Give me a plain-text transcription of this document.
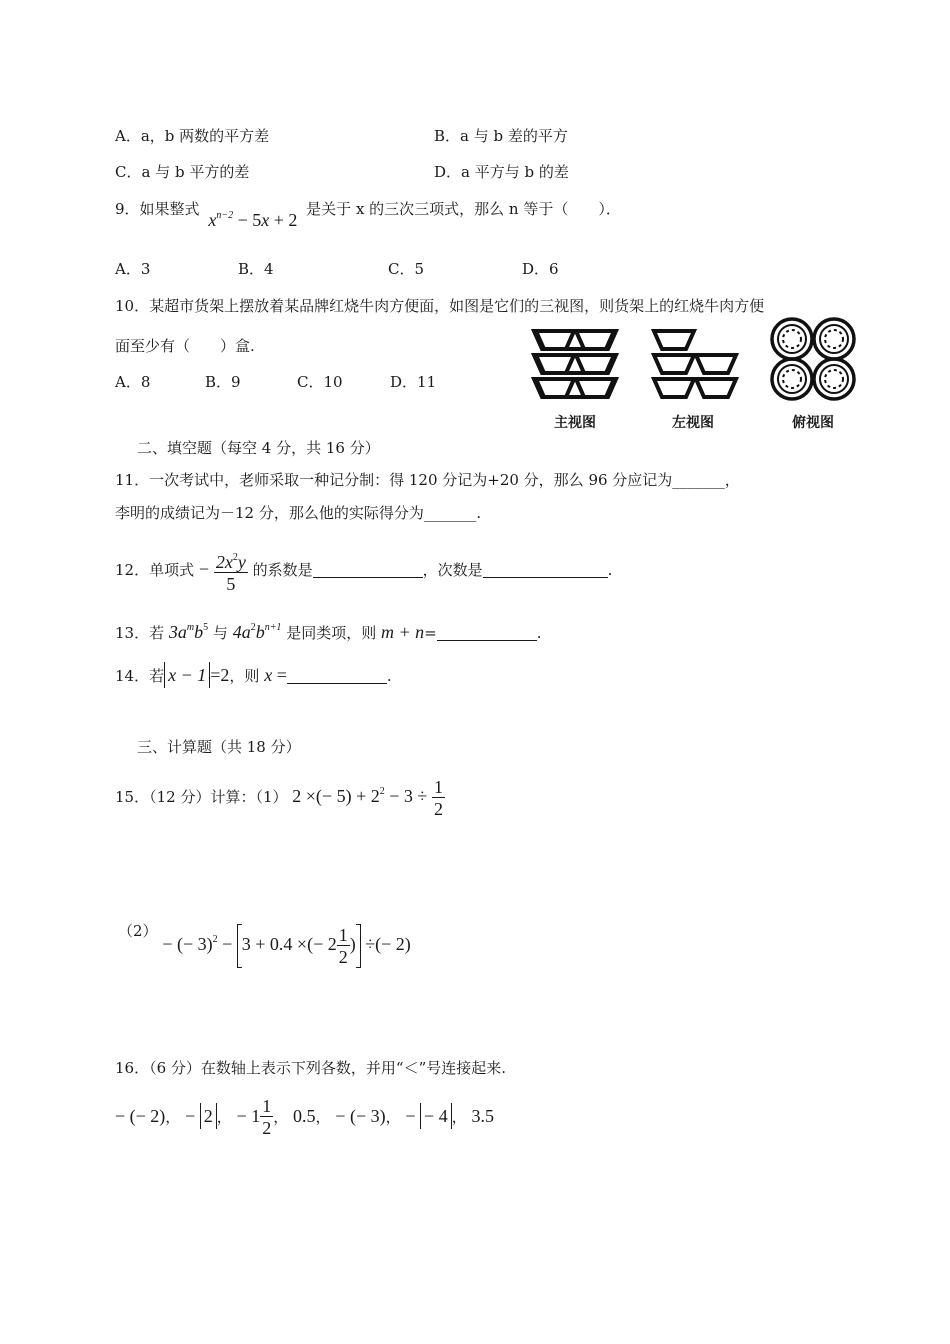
A．a，b 两数的平方差	B．a 与 b 差的平方
C．a 与 b 平方的差	D．a 平方与 b 的差
9．如果整式 $x^{n-2} - 5x + 2$ 是关于 x 的三次三项式，那么 n 等于（　　）．
A．3	B．4	C．5	D．6
10．某超市货架上摆放着某品牌红烧牛肉方便面，如图是它们的三视图，则货架上的红烧牛肉方便
面至少有（　　）盒.
A．8	B．9	C．10	D．11
主视图	左视图	俯视图
二、填空题（每空 4 分，共 16 分）
11．一次考试中，老师采取一种记分制：得 120 分记为+20 分，那么 96 分应记为_______，
李明的成绩记为－12 分，那么他的实际得分为_______.
12．单项式 − $\frac{2x^2y}{5}$ 的系数是	，次数是	.
13．若 $3a^mb^5$ 与 $4a^2b^{n+1}$ 是同类项，则 m + n=	.
14．若 x − 1 =2，则 x =	.
三、计算题（共 18 分）
15．（12 分）计算：（1） 2 ×(− $5) + 2^2 - 3 \div \frac{1}{2}$
（2） − (− 3)$^2$ −
3 + 0.4 ×(− $2 \frac{1}{2}$ ) ÷(− 2)
16．（6 分）在数轴上表示下列各数，并用“＜”号连接起来.
− (− 2)， − 2 ， − $1 \frac{1}{2}$ ， 0.5， − (− 3)， − − 4 ， 3.5
